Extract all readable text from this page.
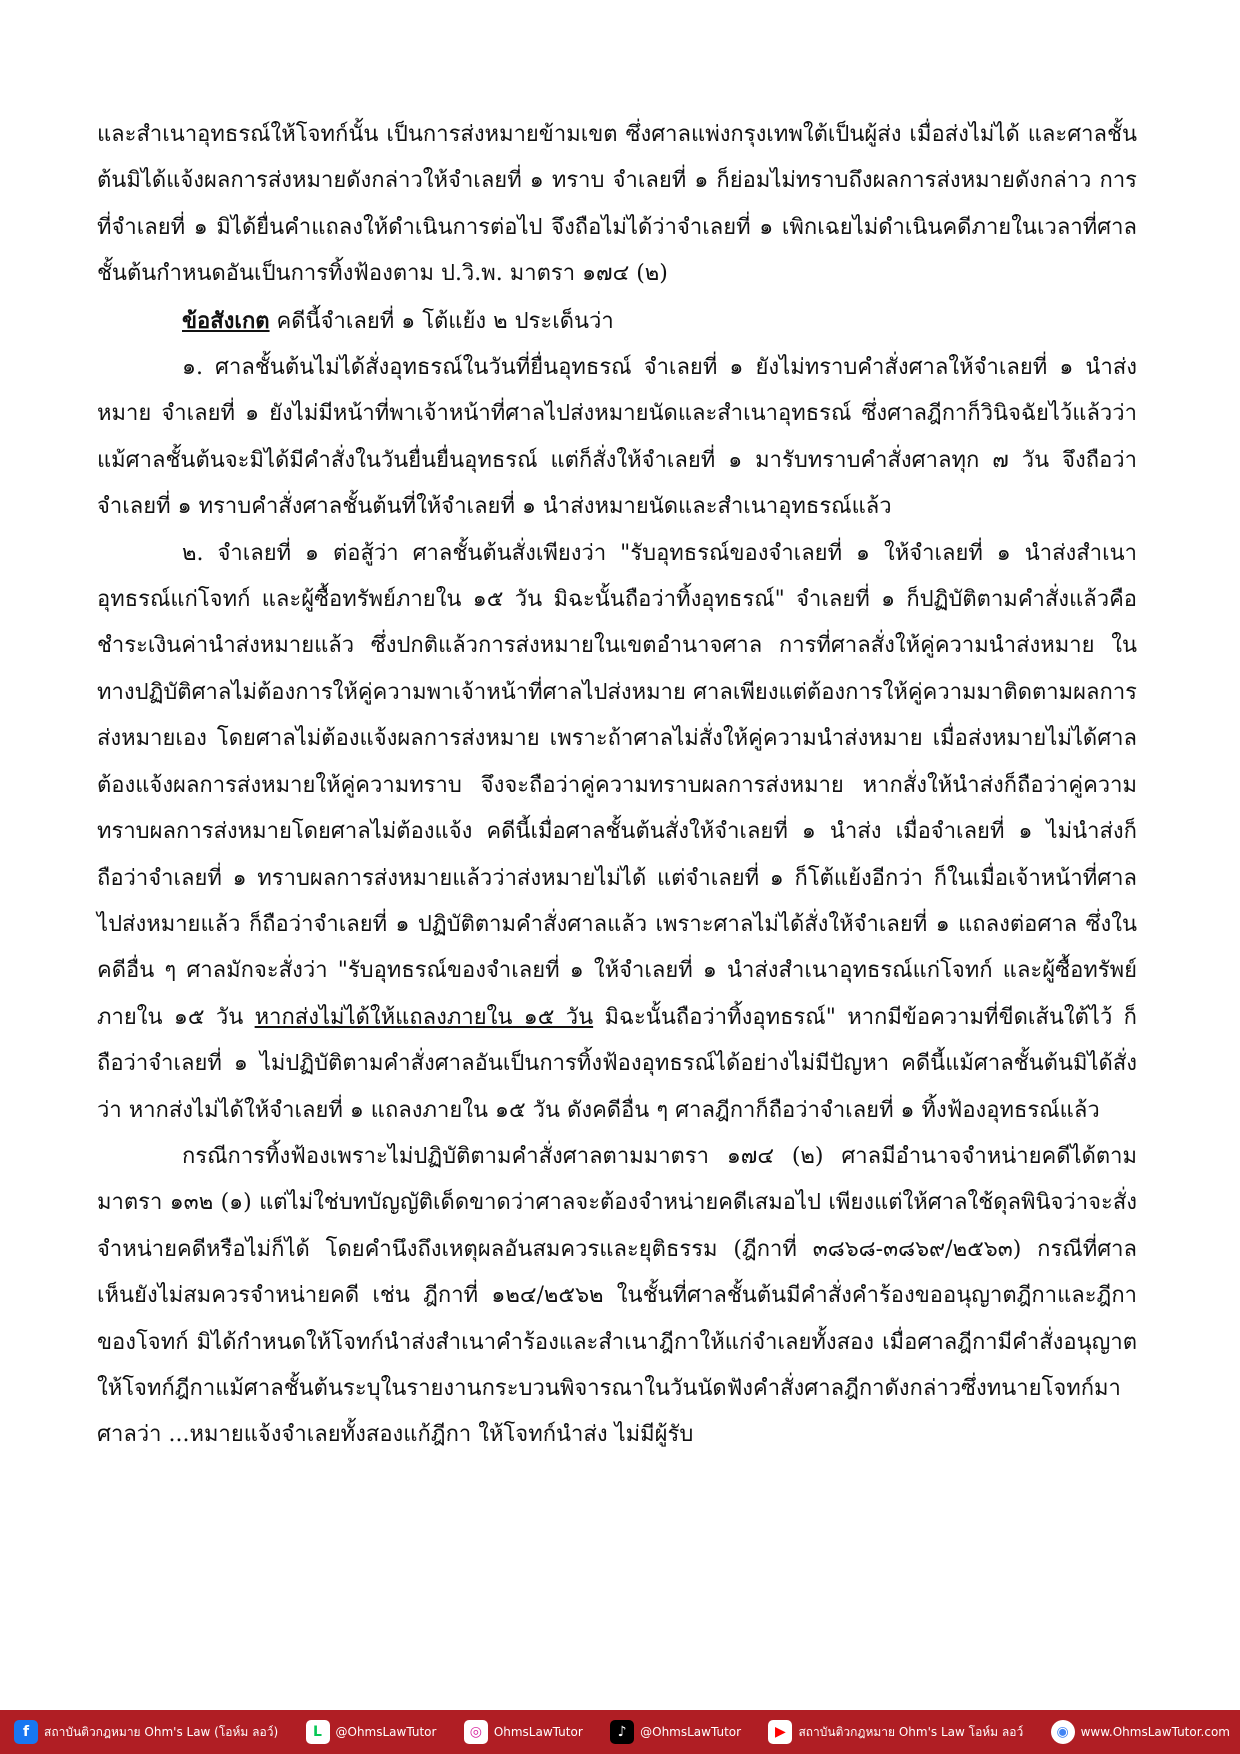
และสำเนาอุทธรณ์ให้โจทก์นั้น เป็นการส่งหมายข้ามเขต ซึ่งศาลแพ่งกรุงเทพใต้เป็นผู้ส่ง เมื่อส่งไม่ได้ และศาลชั้นต้นมิได้แจ้งผลการส่งหมายดังกล่าวให้จำเลยที่ ๑ ทราบ จำเลยที่ ๑ ก็ย่อมไม่ทราบถึงผลการส่งหมายดังกล่าว การที่จำเลยที่ ๑ มิได้ยื่นคำแถลงให้ดำเนินการต่อไป จึงถือไม่ได้ว่าจำเลยที่ ๑ เพิกเฉยไม่ดำเนินคดีภายในเวลาที่ศาลชั้นต้นกำหนดอันเป็นการทิ้งฟ้องตาม ป.วิ.พ. มาตรา ๑๗๔ (๒)

ข้อสังเกต คดีนี้จำเลยที่ ๑ โต้แย้ง ๒ ประเด็นว่า

๑. ศาลชั้นต้นไม่ได้สั่งอุทธรณ์ในวันที่ยื่นอุทธรณ์ จำเลยที่ ๑ ยังไม่ทราบคำสั่งศาลให้จำเลยที่ ๑ นำส่งหมาย จำเลยที่ ๑ ยังไม่มีหน้าที่พาเจ้าหน้าที่ศาลไปส่งหมายนัดและสำเนาอุทธรณ์ ซึ่งศาลฎีกาก็วินิจฉัยไว้แล้วว่า แม้ศาลชั้นต้นจะมิได้มีคำสั่งในวันยื่นยื่นอุทธรณ์ แต่ก็สั่งให้จำเลยที่ ๑ มารับทราบคำสั่งศาลทุก ๗ วัน จึงถือว่าจำเลยที่ ๑ ทราบคำสั่งศาลชั้นต้นที่ให้จำเลยที่ ๑ นำส่งหมายนัดและสำเนาอุทธรณ์แล้ว

๒. จำเลยที่ ๑ ต่อสู้ว่า ศาลชั้นต้นสั่งเพียงว่า "รับอุทธรณ์ของจำเลยที่ ๑ ให้จำเลยที่ ๑ นำส่งสำเนาอุทธรณ์แก่โจทก์ และผู้ซื้อทรัพย์ภายใน ๑๕ วัน มิฉะนั้นถือว่าทิ้งอุทธรณ์" จำเลยที่ ๑ ก็ปฏิบัติตามคำสั่งแล้วคือชำระเงินค่านำส่งหมายแล้ว ซึ่งปกติแล้วการส่งหมายในเขตอำนาจศาล การที่ศาลสั่งให้คู่ความนำส่งหมาย ในทางปฏิบัติศาลไม่ต้องการให้คู่ความพาเจ้าหน้าที่ศาลไปส่งหมาย ศาลเพียงแต่ต้องการให้คู่ความมาติดตามผลการส่งหมายเอง โดยศาลไม่ต้องแจ้งผลการส่งหมาย เพราะถ้าศาลไม่สั่งให้คู่ความนำส่งหมาย เมื่อส่งหมายไม่ได้ศาลต้องแจ้งผลการส่งหมายให้คู่ความทราบ จึงจะถือว่าคู่ความทราบผลการส่งหมาย หากสั่งให้นำส่งก็ถือว่าคู่ความทราบผลการส่งหมายโดยศาลไม่ต้องแจ้ง คดีนี้เมื่อศาลชั้นต้นสั่งให้จำเลยที่ ๑ นำส่ง เมื่อจำเลยที่ ๑ ไม่นำส่งก็ถือว่าจำเลยที่ ๑ ทราบผลการส่งหมายแล้วว่าส่งหมายไม่ได้ แต่จำเลยที่ ๑ ก็โต้แย้งอีกว่า ก็ในเมื่อเจ้าหน้าที่ศาลไปส่งหมายแล้ว ก็ถือว่าจำเลยที่ ๑ ปฏิบัติตามคำสั่งศาลแล้ว เพราะศาลไม่ได้สั่งให้จำเลยที่ ๑ แถลงต่อศาล ซึ่งในคดีอื่น ๆ ศาลมักจะสั่งว่า "รับอุทธรณ์ของจำเลยที่ ๑ ให้จำเลยที่ ๑ นำส่งสำเนาอุทธรณ์แก่โจทก์ และผู้ซื้อทรัพย์ภายใน ๑๕ วัน หากส่งไม่ได้ให้แถลงภายใน ๑๕ วัน มิฉะนั้นถือว่าทิ้งอุทธรณ์" หากมีข้อความที่ขีดเส้นใต้ไว้ ก็ถือว่าจำเลยที่ ๑ ไม่ปฏิบัติตามคำสั่งศาลอันเป็นการทิ้งฟ้องอุทธรณ์ได้อย่างไม่มีปัญหา คดีนี้แม้ศาลชั้นต้นมิได้สั่งว่า หากส่งไม่ได้ให้จำเลยที่ ๑ แถลงภายใน ๑๕ วัน ดังคดีอื่น ๆ ศาลฎีกาก็ถือว่าจำเลยที่ ๑ ทิ้งฟ้องอุทธรณ์แล้ว

กรณีการทิ้งฟ้องเพราะไม่ปฏิบัติตามคำสั่งศาลตามมาตรา ๑๗๔ (๒) ศาลมีอำนาจจำหน่ายคดีได้ตามมาตรา ๑๓๒ (๑) แต่ไม่ใช่บทบัญญัติเด็ดขาดว่าศาลจะต้องจำหน่ายคดีเสมอไป เพียงแต่ให้ศาลใช้ดุลพินิจว่าจะสั่งจำหน่ายคดีหรือไม่ก็ได้ โดยคำนึงถึงเหตุผลอันสมควรและยุติธรรม (ฎีกาที่ ๓๘๖๘-๓๘๖๙/๒๕๖๓) กรณีที่ศาลเห็นยังไม่สมควรจำหน่ายคดี เช่น ฎีกาที่ ๑๒๔/๒๕๖๒ ในชั้นที่ศาลชั้นต้นมีคำสั่งคำร้องขออนุญาตฎีกาและฎีกาของโจทก์ มิได้กำหนดให้โจทก์นำส่งสำเนาคำร้องและสำเนาฎีกาให้แก่จำเลยทั้งสอง เมื่อศาลฎีกามีคำสั่งอนุญาตให้โจทก์ฎีกาแม้ศาลชั้นต้นระบุในรายงานกระบวนพิจารณาในวันนัดฟังคำสั่งศาลฎีกาดังกล่าวซึ่งทนายโจทก์มาศาลว่า ...หมายแจ้งจำเลยทั้งสองแก้ฎีกา ให้โจทก์นำส่ง ไม่มีผู้รับ

f	สถาบันติวกฎหมาย Ohm's Law (โอห์ม ลอว์)	L	@OhmsLawTutor	◎ OhmsLawTutor	♪	@OhmsLawTutor	▶	สถาบันติวกฎหมาย Ohm's Law โอห์ม ลอว์	◉ www.OhmsLawTutor.com
